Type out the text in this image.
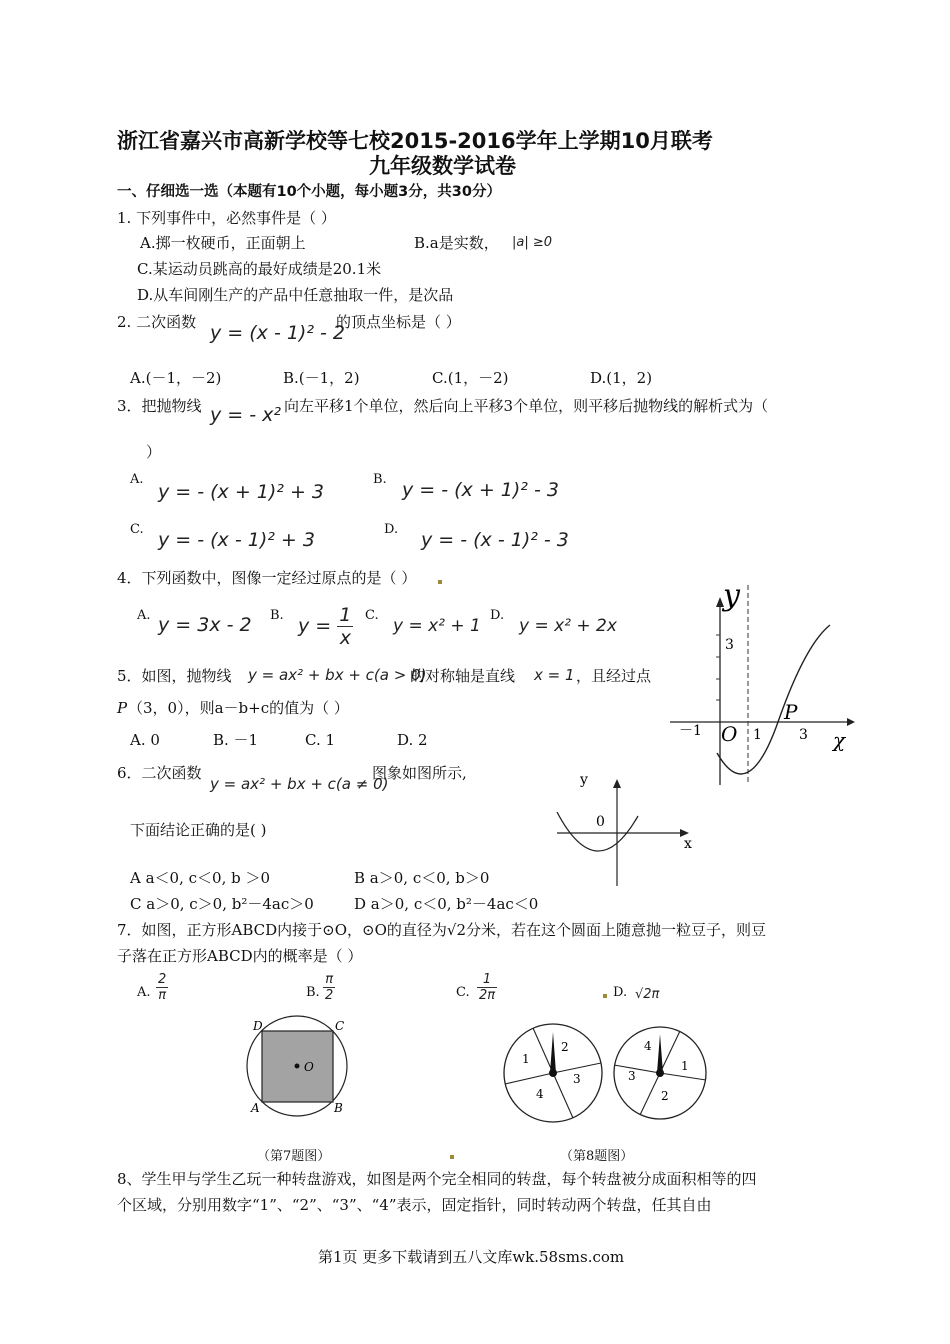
浙江省嘉兴市高新学校等七校2015-2016学年上学期10月联考
九年级数学试卷
一、仔细选一选（本题有10个小题，每小题3分，共30分）
1. 下列事件中，必然事件是（ ）
A.掷一枚硬币，正面朝上	B.a是实数， |a| ≥0
C.某运动员跳高的最好成绩是20.1米
D.从车间刚生产的产品中任意抽取一件，是次品
2. 二次函数 y = (x - 1)² - 2
的顶点坐标是（ ）
A.(－1，－2)	B.(－1，2)	C.(1，－2)	D.(1，2)
3．把抛物线 y = - x² 向左平移1个单位，然后向上平移3个单位，则平移后抛物线的解析式为（
）
A.
y = - (x + 1)² + 3
B. y = - (x + 1)² - 3
C. y = - (x - 1)² + 3	D. y = - (x - 1)² - 3
4．下列函数中，图像一定经过原点的是（ ）
A. y = 3x - 2 B. $y = \frac{1}{x} C$.
y = x² + 1
D.
y = x² + 2x
5．如图，抛物线 y = ax² + bx + c(a > 0)
的对称轴是直线 x = 1 ，且经过点
P （3，0），则a－b+c的值为（ ）
A. 0	B. －1	C. 1	D. 2
6．二次函数
y = ax² + bx + c(a ≠ 0)
图象如图所示,
下面结论正确的是( )
A a＜0, c＜0, b ＞0	B a＞0, c＜0, b＞0
C a＞0, c＞0, b²－4ac＞0	D a＞0, c＜0, b²－4ac＜0
7．如图，正方形ABCD内接于⊙O，⊙O的直径为√2分米，若在这个圆面上随意抛一粒豆子，则豆
子落在正方形ABCD内的概率是（ ）
A. $\frac{2}{\pi}$	B. $\frac{\pi}{2}$	C. $\frac{1}{2\pi}$	D. √2π
y
χ
O
P
－1	1	3
3
y
x
0
D	C
A	B
O
（第7题图）
1
2
3
4
4
1
2
3
（第8题图）
8、学生甲与学生乙玩一种转盘游戏，如图是两个完全相同的转盘，每个转盘被分成面积相等的四
个区域，分别用数字“1”、“2”、“3”、“4”表示，固定指针，同时转动两个转盘，任其自由
第1页 更多下载请到五八文库wk.58sms.com
